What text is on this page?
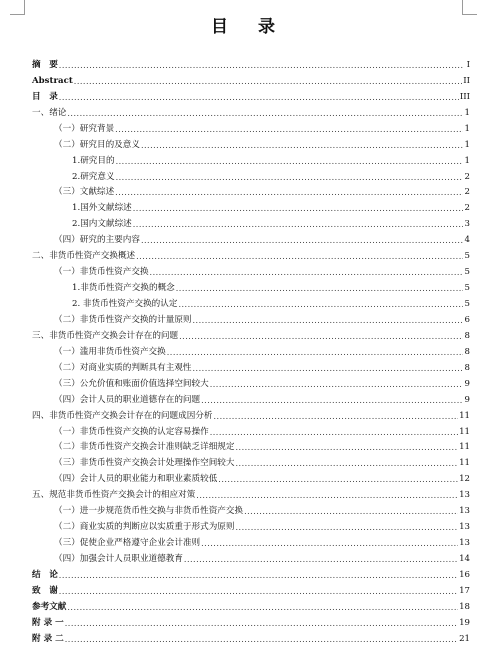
目 录
摘　要 .....	I
Abstract .....	II
目　录 .....	III
一、绪论 .....	1
（一）研究背景 .....	1
（二）研究目的及意义 .....	1
1.研究目的 .....	1
2.研究意义 .....	2
（三）文献综述 .....	2
1.国外文献综述 .....	2
2.国内文献综述 .....	3
（四）研究的主要内容 .....	4
二、非货币性资产交换概述 .....	5
（一）非货币性资产交换 .....	5
1.非货币性资产交换的概念 .....	5
2. 非货币性资产交换的认定 .....	5
（二）非货币性资产交换的计量原则 .....	6
三、非货币性资产交换会计存在的问题 .....	8
（一）滥用非货币性资产交换 .....	8
（二）对商业实质的判断具有主观性 .....	8
（三）公允价值和账面价值选择空间较大 .....	9
（四）会计人员的职业道德存在的问题 .....	9
四、非货币性资产交换会计存在的问题成因分析 .....	11
（一）非货币性资产交换的认定容易操作 .....	11
（二）非货币性资产交换会计准则缺乏详细规定 .....	11
（三）非货币性资产交换会计处理操作空间较大 .....	11
（四）会计人员的职业能力和职业素质较低 .....	12
五、规范非货币性资产交换会计的相应对策 .....	13
（一）进一步规范货币性交换与非货币性资产交换 .....	13
（二）商业实质的判断应以实质重于形式为原则 .....	13
（三）促使企业严格遵守企业会计准则 .....	13
（四）加强会计人员职业道德教育 .....	14
结　论 .....	16
致　谢 .....	17
参考文献 .....	18
附 录 一 .....	19
附 录 二 .....	21
